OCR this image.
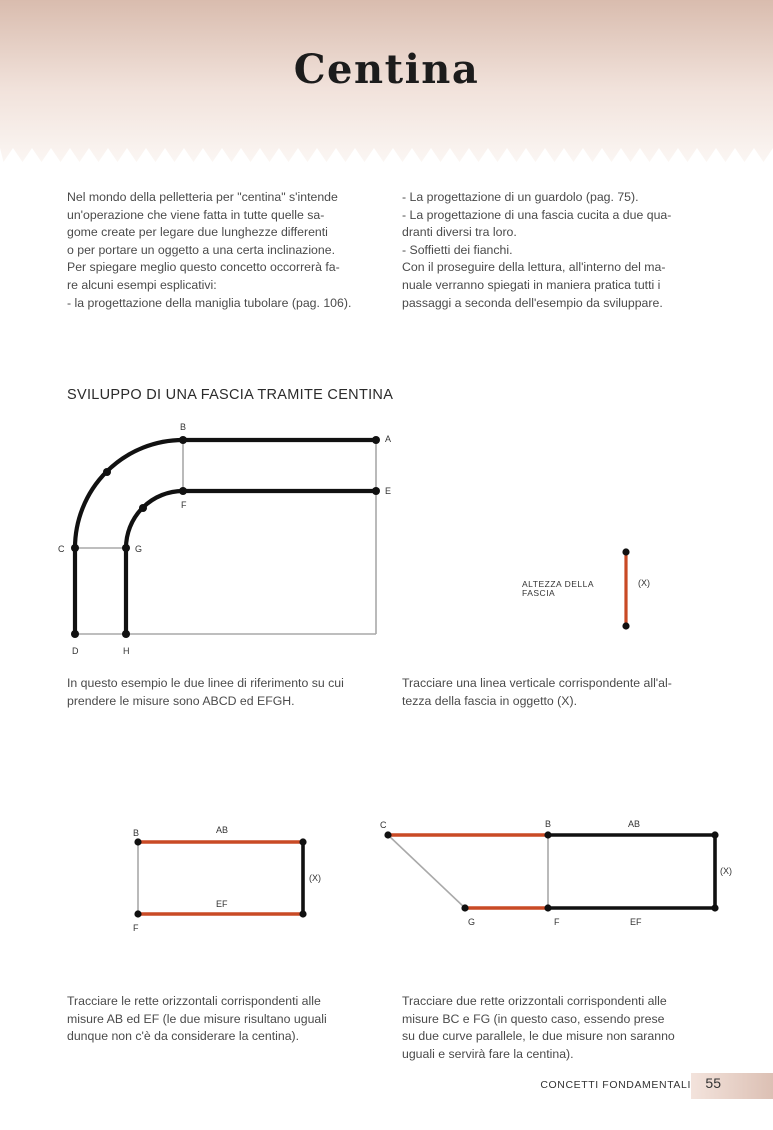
Centina

Nel mondo della pelletteria per "centina" s'intende

un'operazione che viene fatta in tutte quelle sa-

gome create per legare due lunghezze differenti

o per portare un oggetto a una certa inclinazione.

Per spiegare meglio questo concetto occorrerà fa-

re alcuni esempi esplicativi:

- la progettazione della maniglia tubolare (pag. 106).

- La progettazione di un guardolo (pag. 75).

- La progettazione di una fascia cucita a due qua-

dranti diversi tra loro.

- Soffietti dei fianchi.

Con il proseguire della lettura, all'interno del ma-

nuale verranno spiegati in maniera pratica tutti i

passaggi a seconda dell'esempio da sviluppare.

SVILUPPO DI UNA FASCIA TRAMITE CENTINA
B
A
E
F
C	G
D	H
ALTEZZA DELLA
FASCIA
(X)
B
F
AB
EF
(X)
C	B	AB
G	F	EF
(X)

In questo esempio le due linee di riferimento su cui

prendere le misure sono ABCD ed EFGH.

Tracciare una linea verticale corrispondente all'al-

tezza della fascia in oggetto (X).

Tracciare le rette orizzontali corrispondenti alle

misure AB ed EF (le due misure risultano uguali

dunque non c'è da considerare la centina).

Tracciare due rette orizzontali corrispondenti alle

misure BC e FG (in questo caso, essendo prese

su due curve parallele, le due misure non saranno

uguali e servirà fare la centina).

CONCETTI FONDAMENTALI 55
